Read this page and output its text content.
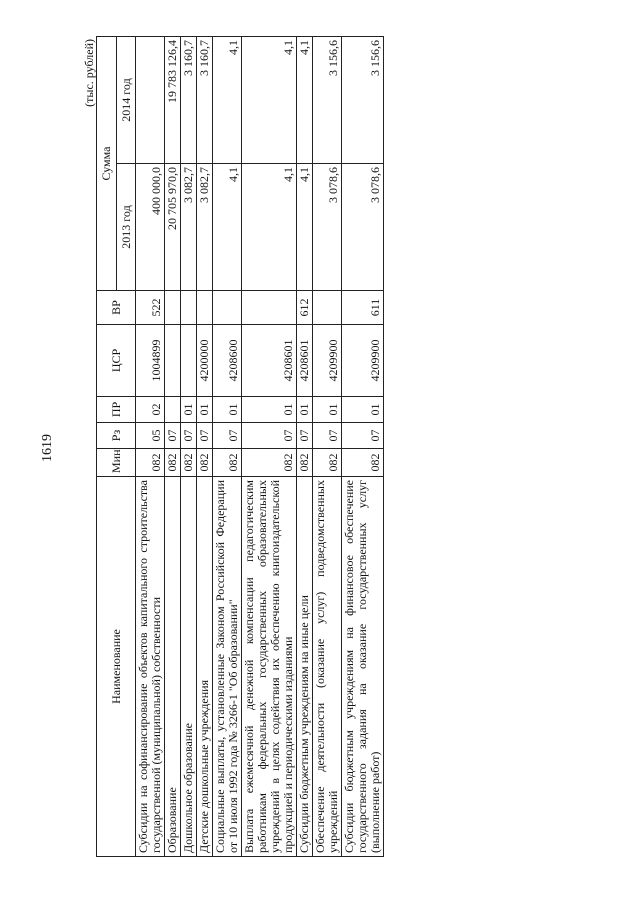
1619
(тыс. рублей)
Наименование	Мин	Рз	ПР	ЦСР	ВР	Сумма	
						2013 год	2014 год
Субсидии на софинансирование объектов капитального строительства государственной (муниципальной) собственности	082	05	02	1004899	522	400 000,0	
Образование	082	07				20 705 970,0	19 783 126,4
Дошкольное образование	082	07	01			3 082,7	3 160,7
Детские дошкольные учреждения	082	07	01	4200000		3 082,7	3 160,7
Социальные выплаты, установленные Законом Российской Федерации от 10 июля 1992 года № 3266-1 "Об образовании"	082	07	01	4208600		4,1	4,1
Выплата ежемесячной денежной компенсации педагогическим работникам федеральных государственных образовательных учреждений в целях содействия их обеспечению книгоиздательской продукцией и периодическими изданиями	082	07	01	4208601		4,1	4,1
Субсидии бюджетным учреждениям на иные цели	082	07	01	4208601	612	4,1	4,1
Обеспечение деятельности (оказание услуг) подведомственных учреждений	082	07	01	4209900		3 078,6	3 156,6
Субсидии бюджетным учреждениям на финансовое обеспечение государственного задания на оказание государственных услуг (выполнение работ)	082	07	01	4209900	611	3 078,6	3 156,6
